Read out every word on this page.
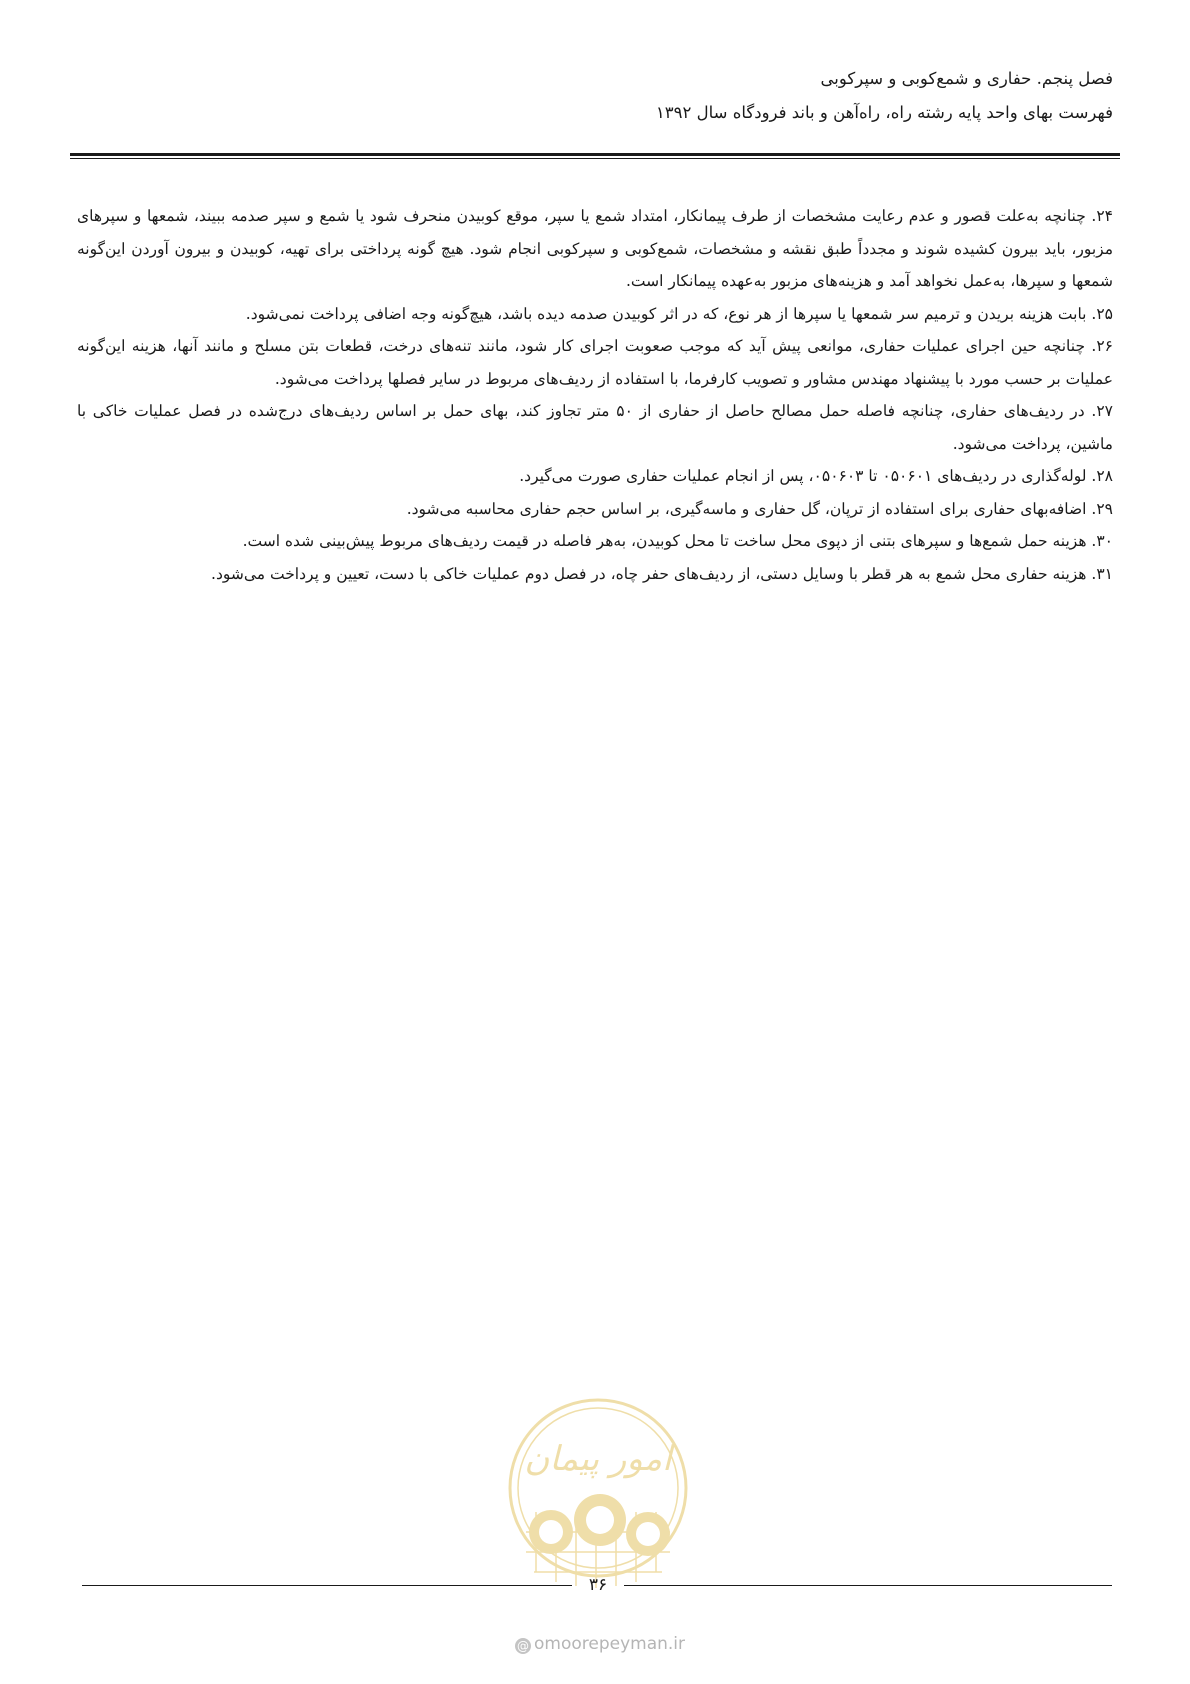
فصل پنجم. حفاری و شمع‌کوبی و سپرکوبی
فهرست بهای واحد پایه رشته راه، راه‌آهن و باند فرودگاه سال ۱۳۹۲

۲۴. چنانچه به‌علت قصور و عدم رعایت مشخصات از طرف پیمانکار، امتداد شمع یا سپر، موقع کوبیدن منحرف شود یا شمع و سپر صدمه ببیند، شمعها و سپرهای مزبور، باید بیرون کشیده شوند و مجدداً طبق نقشه و مشخصات، شمع‌کوبی و سپرکوبی انجام شود. هیچ گونه پرداختی برای تهیه، کوبیدن و بیرون آوردن این‌گونه شمعها و سپرها، به‌عمل نخواهد آمد و هزینه‌های مزبور به‌عهده پیمانکار است.

۲۵. بابت هزینه بریدن و ترمیم سر شمعها یا سپرها از هر نوع، که در اثر کوبیدن صدمه دیده باشد، هیچ‌گونه وجه اضافی پرداخت نمی‌شود.

۲۶. چنانچه حین اجرای عملیات حفاری، موانعی پیش آید که موجب صعوبت اجرای کار شود، مانند تنه‌های درخت، قطعات بتن مسلح و مانند آنها، هزینه این‌گونه عملیات بر حسب مورد با پیشنهاد مهندس مشاور و تصویب کارفرما، با استفاده از ردیف‌های مربوط در سایر فصلها پرداخت می‌شود.

۲۷. در ردیف‌های حفاری، چنانچه فاصله حمل مصالح حاصل از حفاری از ۵۰ متر تجاوز کند، بهای حمل بر اساس ردیف‌های درج‌شده در فصل عملیات خاکی با ماشین، پرداخت می‌شود.

۲۸. لوله‌گذاری در ردیف‌های ۰۵۰۶۰۱ تا ۰۵۰۶۰۳، پس از انجام عملیات حفاری صورت می‌گیرد.

۲۹. اضافه‌بهای حفاری برای استفاده از ترپان، گل حفاری و ماسه‌گیری، بر اساس حجم حفاری محاسبه می‌شود.

۳۰. هزینه حمل شمع‌ها و سپرهای بتنی از دپوی محل ساخت تا محل کوبیدن، به‌هر فاصله در قیمت ردیف‌های مربوط پیش‌بینی شده است.

۳۱. هزینه حفاری محل شمع به هر قطر با وسایل دستی، از ردیف‌های حفر چاه، در فصل دوم عملیات خاکی با دست، تعیین و پرداخت می‌شود.

امور پیمان
۳۶
@ omoorepeyman.ir
